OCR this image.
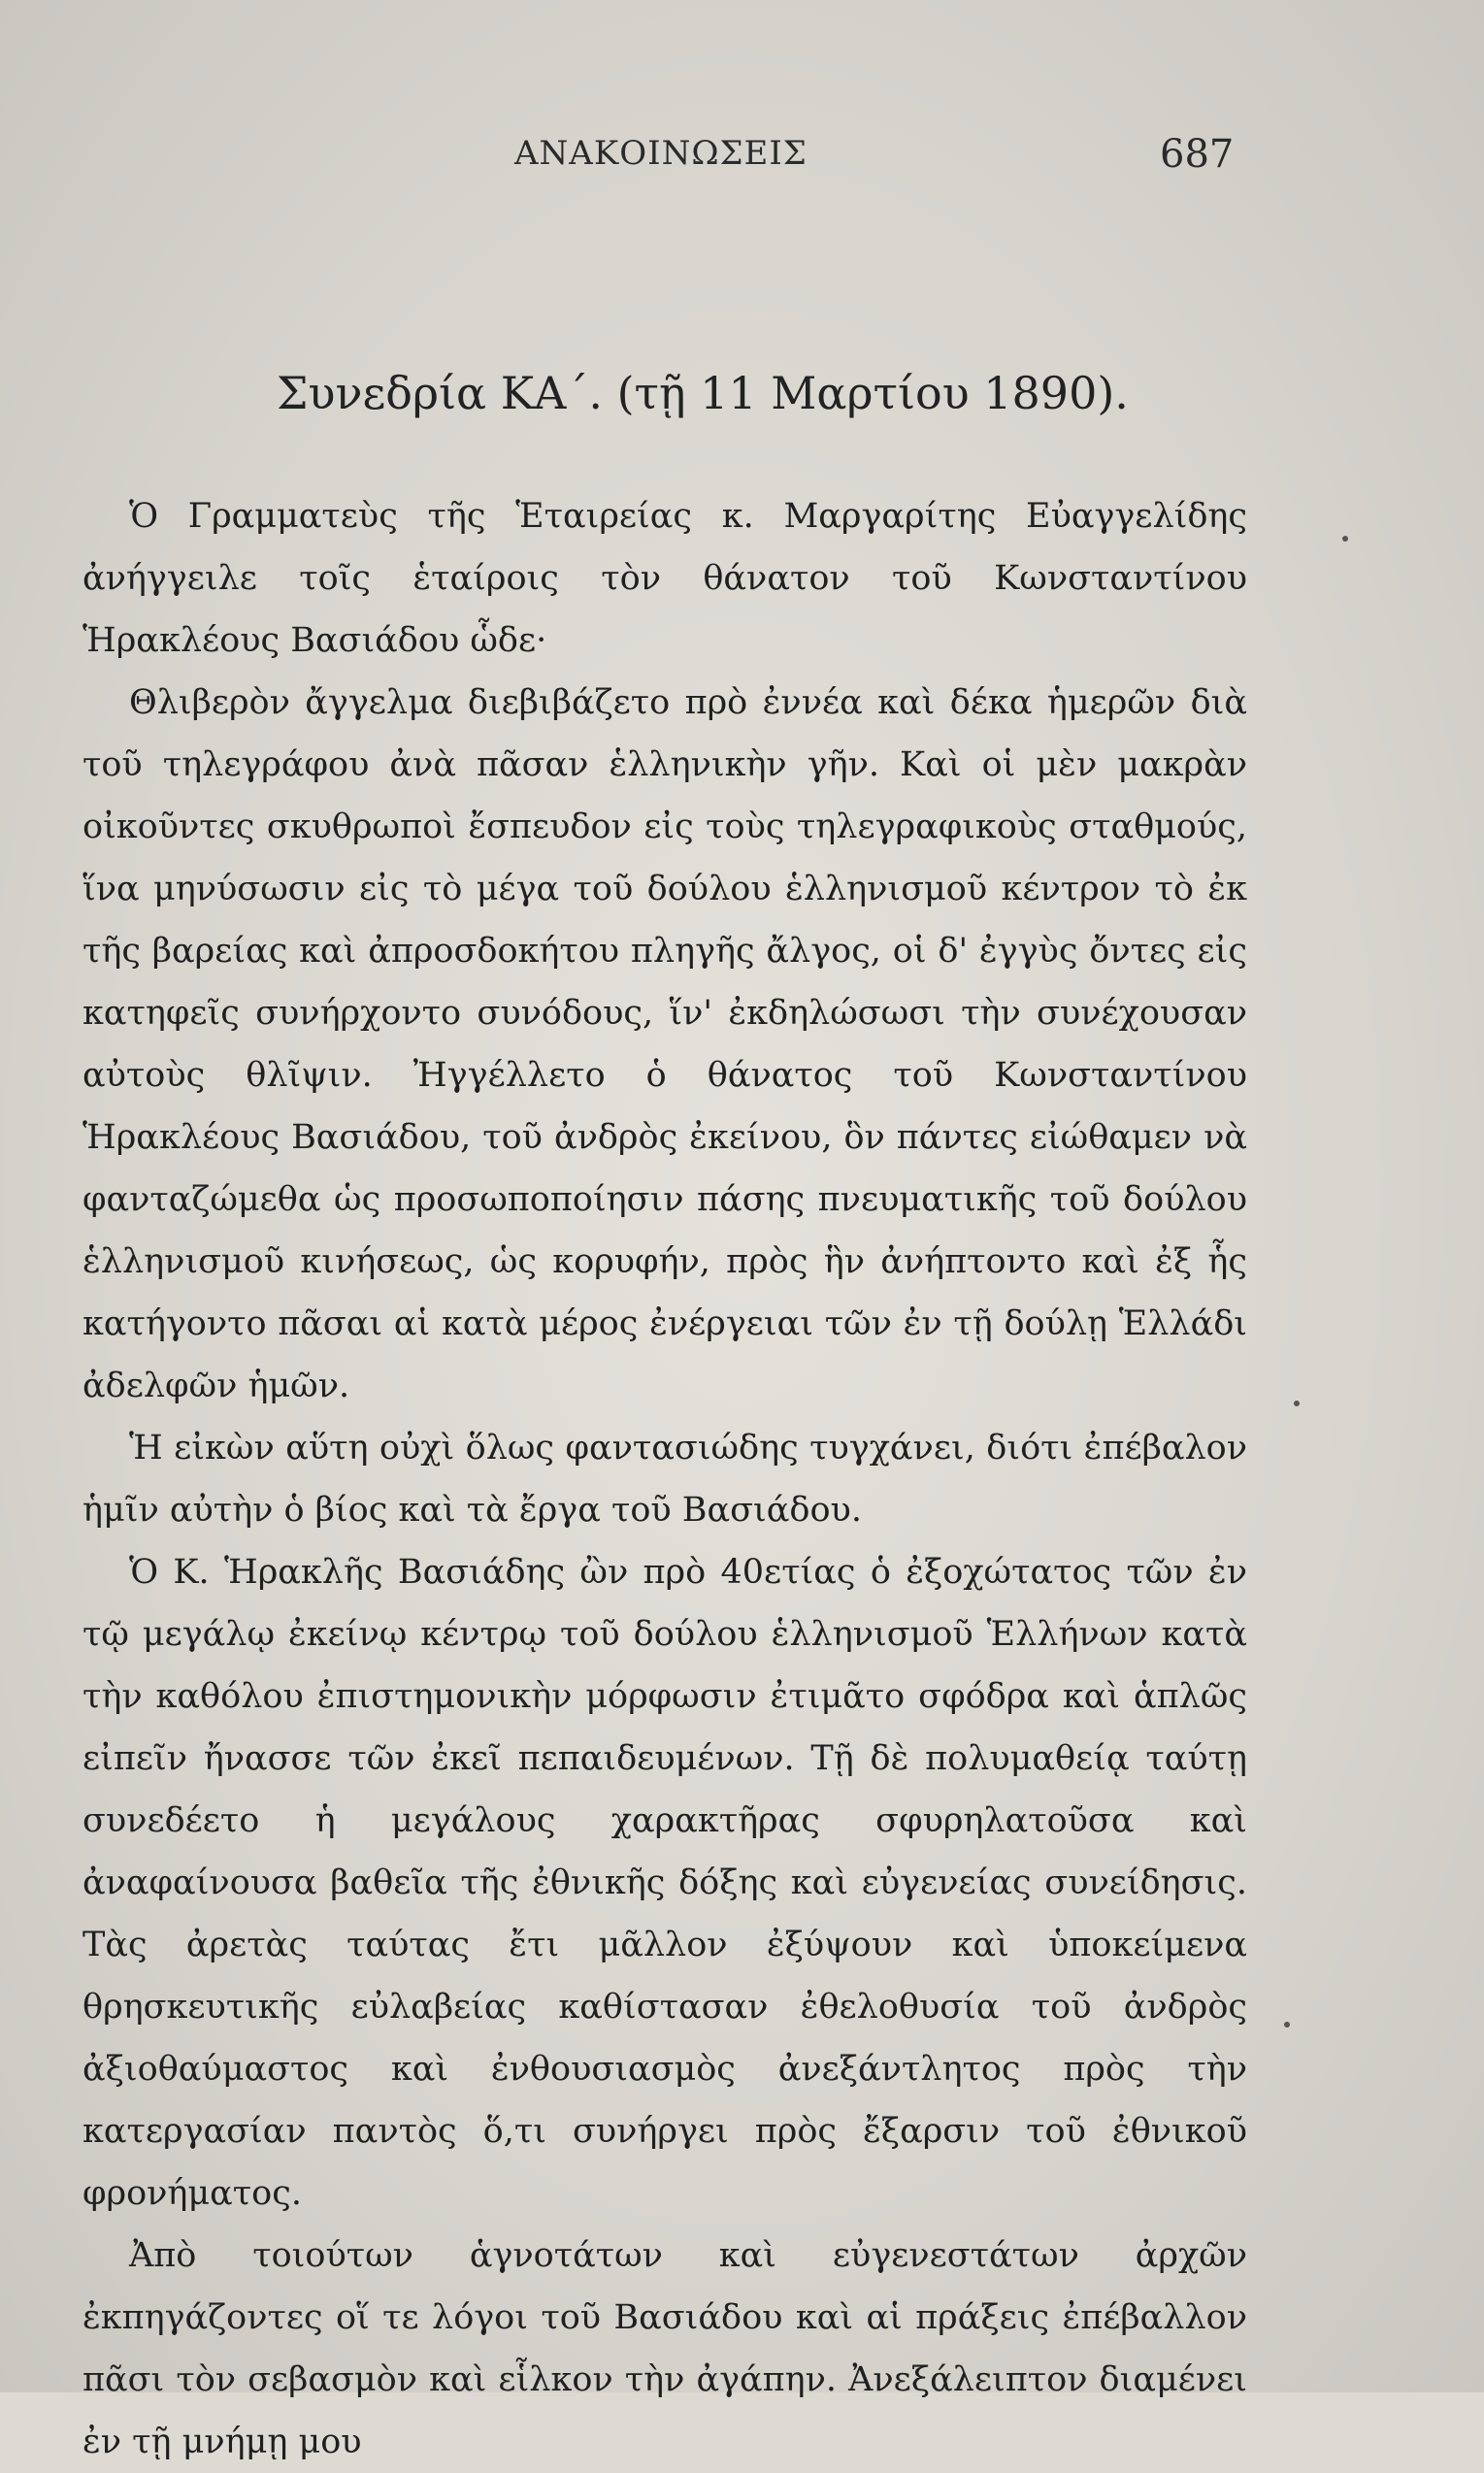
ΑΝΑΚΟΙΝΩΣΕΙΣ	687
Συνεδρία ΚΑ΄. (τῇ 11 Μαρτίου 1890).

Ὁ Γραμματεὺς τῆς Ἑταιρείας κ. Μαργαρίτης Εὐαγγελίδης ἀνήγγειλε τοῖς ἑταίροις τὸν θάνατον τοῦ Κωνσταντίνου Ἡρακλέους Βασιάδου ὧδε·

Θλιβερὸν ἄγγελμα διεβιβάζετο πρὸ ἐννέα καὶ δέκα ἡμερῶν διὰ τοῦ τηλεγράφου ἀνὰ πᾶσαν ἑλληνικὴν γῆν. Καὶ οἱ μὲν μακρὰν οἰκοῦντες σκυθρωποὶ ἔσπευδον εἰς τοὺς τηλεγραφικοὺς σταθμούς, ἵνα μηνύσωσιν εἰς τὸ μέγα τοῦ δούλου ἑλληνισμοῦ κέντρον τὸ ἐκ τῆς βαρείας καὶ ἀπροσδοκήτου πληγῆς ἄλγος, οἱ δ' ἐγγὺς ὄντες εἰς κατηφεῖς συνήρχοντο συνόδους, ἵν' ἐκδηλώσωσι τὴν συνέχουσαν αὐτοὺς θλῖψιν. Ἠγγέλλετο ὁ θάνατος τοῦ Κωνσταντίνου Ἡρακλέους Βασιάδου, τοῦ ἀνδρὸς ἐκείνου, ὃν πάντες εἰώθαμεν νὰ φανταζώμεθα ὡς προσωποποίησιν πάσης πνευματικῆς τοῦ δούλου ἑλληνισμοῦ κινήσεως, ὡς κορυφήν, πρὸς ἣν ἀνήπτοντο καὶ ἐξ ἧς κατήγοντο πᾶσαι αἱ κατὰ μέρος ἐνέργειαι τῶν ἐν τῇ δούλῃ Ἑλλάδι ἀδελφῶν ἡμῶν.

Ἡ εἰκὼν αὕτη οὐχὶ ὅλως φαντασιώδης τυγχάνει, διότι ἐπέβαλον ἡμῖν αὐτὴν ὁ βίος καὶ τὰ ἔργα τοῦ Βασιάδου.

Ὁ Κ. Ἡρακλῆς Βασιάδης ὢν πρὸ 40ετίας ὁ ἐξοχώτατος τῶν ἐν τῷ μεγάλῳ ἐκείνῳ κέντρῳ τοῦ δούλου ἑλληνισμοῦ Ἑλλήνων κατὰ τὴν καθόλου ἐπιστημονικὴν μόρφωσιν ἐτιμᾶτο σφόδρα καὶ ἁπλῶς εἰπεῖν ἤνασσε τῶν ἐκεῖ πεπαιδευμένων. Τῇ δὲ πολυμαθείᾳ ταύτῃ συνεδέετο ἡ μεγάλους χαρακτῆρας σφυρηλατοῦσα καὶ ἀναφαίνουσα βαθεῖα τῆς ἐθνικῆς δόξης καὶ εὐγενείας συνείδησις. Τὰς ἀρετὰς ταύτας ἔτι μᾶλλον ἐξύψουν καὶ ὑποκείμενα θρησκευτικῆς εὐλαβείας καθίστασαν ἐθελοθυσία τοῦ ἀνδρὸς ἀξιοθαύμαστος καὶ ἐνθουσιασμὸς ἀνεξάντλητος πρὸς τὴν κατεργασίαν παντὸς ὅ,τι συνήργει πρὸς ἔξαρσιν τοῦ ἐθνικοῦ φρονήματος.

Ἀπὸ τοιούτων ἁγνοτάτων καὶ εὐγενεστάτων ἀρχῶν ἐκπηγάζοντες οἵ τε λόγοι τοῦ Βασιάδου καὶ αἱ πράξεις ἐπέβαλλον πᾶσι τὸν σεβασμὸν καὶ εἷλκον τὴν ἀγάπην. Ἀνεξάλειπτον διαμένει ἐν τῇ μνήμῃ μου
